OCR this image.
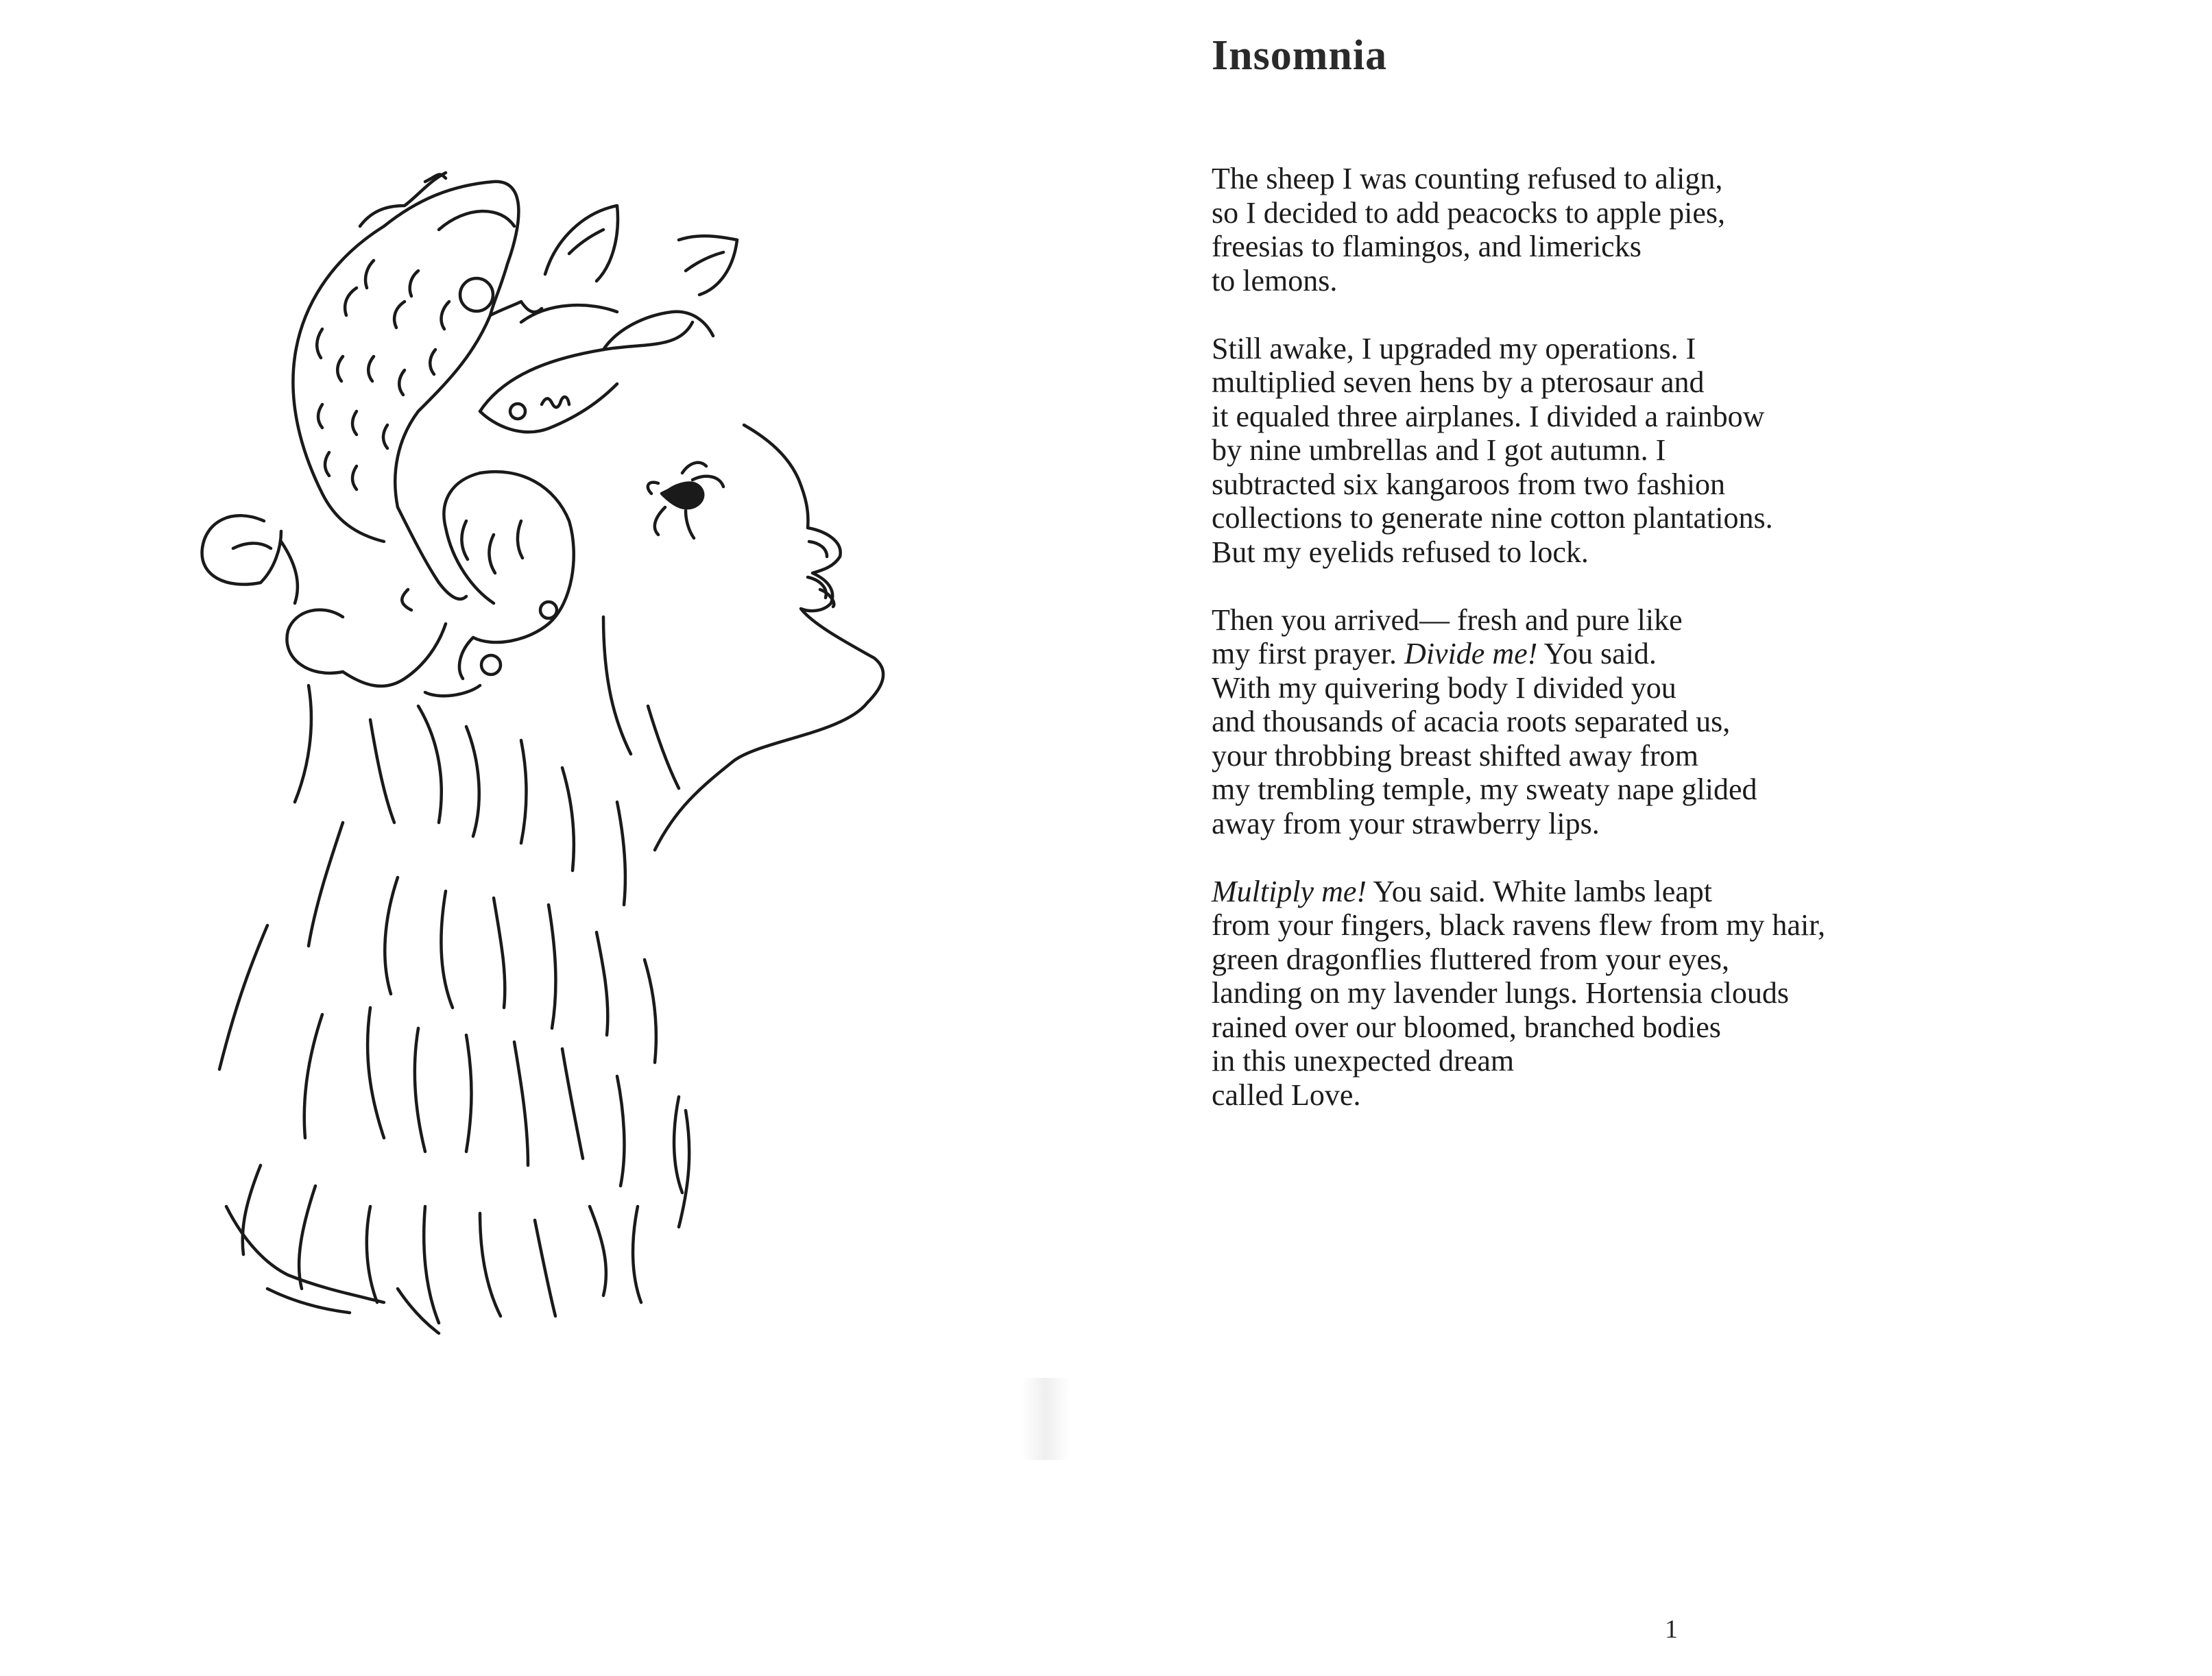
Insomnia

The sheep I was counting refused to align,
so I decided to add peacocks to apple pies,
freesias to flamingos, and limericks
to lemons.

Still awake, I upgraded my operations. I
multiplied seven hens by a pterosaur and
it equaled three airplanes. I divided a rainbow
by nine umbrellas and I got autumn. I
subtracted six kangaroos from two fashion
collections to generate nine cotton plantations.
But my eyelids refused to lock.

Then you arrived— fresh and pure like
my first prayer. Divide me! You said.
With my quivering body I divided you
and thousands of acacia roots separated us,
your throbbing breast shifted away from
my trembling temple, my sweaty nape glided
away from your strawberry lips.

Multiply me! You said. White lambs leapt
from your fingers, black ravens flew from my hair,
green dragonflies fluttered from your eyes,
landing on my lavender lungs. Hortensia clouds
rained over our bloomed, branched bodies
in this unexpected dream
called Love.

1
